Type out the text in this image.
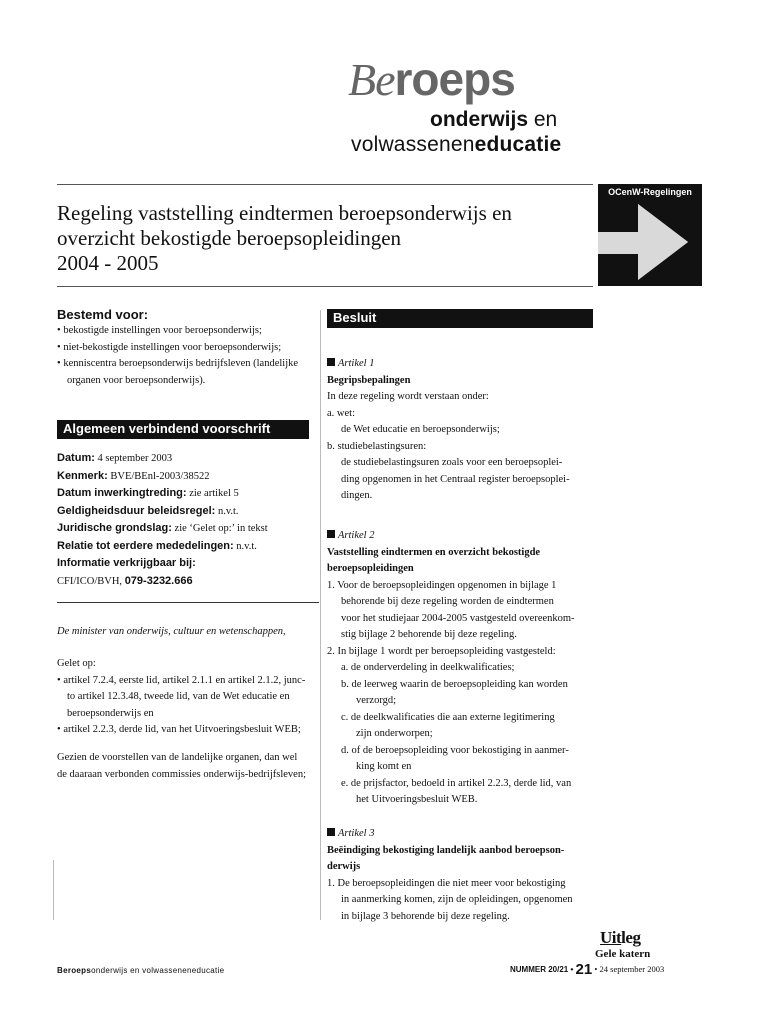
Beroeps
onderwijs en
volwasseneneducatie
OCenW-Regelingen
Regeling vaststelling eindtermen beroepsonderwijs en
overzicht bekostigde beroepsopleidingen
2004 - 2005
Bestemd voor:
• bekostigde instellingen voor beroepsonderwijs;
• niet-bekostigde instellingen voor beroepsonderwijs;
• kenniscentra beroepsonderwijs bedrijfsleven (landelijke
organen voor beroepsonderwijs).
Algemeen verbindend voorschrift
Datum: 4 september 2003
Kenmerk: BVE/BEnl-2003/38522
Datum inwerkingtreding: zie artikel 5
Geldigheidsduur beleidsregel: n.v.t.
Juridische grondslag: zie ‘Gelet op:’ in tekst
Relatie tot eerdere mededelingen: n.v.t.
Informatie verkrijgbaar bij:
CFI/ICO/BVH, 079-3232.666
De minister van onderwijs, cultuur en wetenschappen,
Gelet op:
• artikel 7.2.4, eerste lid, artikel 2.1.1 en artikel 2.1.2, junc-
to artikel 12.3.48, tweede lid, van de Wet educatie en
beroepsonderwijs en
• artikel 2.2.3, derde lid, van het Uitvoeringsbesluit WEB;
Gezien de voorstellen van de landelijke organen, dan wel
de daaraan verbonden commissies onderwijs-bedrijfsleven;
Besluit
Artikel 1
Begripsbepalingen
In deze regeling wordt verstaan onder:
a. wet:
de Wet educatie en beroepsonderwijs;
b. studiebelastingsuren:
de studiebelastingsuren zoals voor een beroepsoplei-
ding opgenomen in het Centraal register beroepsoplei-
dingen.
Artikel 2
Vaststelling eindtermen en overzicht bekostigde
beroepsopleidingen
1. Voor de beroepsopleidingen opgenomen in bijlage 1
behorende bij deze regeling worden de eindtermen
voor het studiejaar 2004-2005 vastgesteld overeenkom-
stig bijlage 2 behorende bij deze regeling.
2. In bijlage 1 wordt per beroepsopleiding vastgesteld:
a. de onderverdeling in deelkwalificaties;
b. de leerweg waarin de beroepsopleiding kan worden
verzorgd;
c. de deelkwalificaties die aan externe legitimering
zijn onderworpen;
d. of de beroepsopleiding voor bekostiging in aanmer-
king komt en
e. de prijsfactor, bedoeld in artikel 2.2.3, derde lid, van
het Uitvoeringsbesluit WEB.
Artikel 3
Beëindiging bekostiging landelijk aanbod beroepson-
derwijs
1. De beroepsopleidingen die niet meer voor bekostiging
in aanmerking komen, zijn de opleidingen, opgenomen
in bijlage 3 behorende bij deze regeling.
Uitleg
Gele katern
Beroepsonderwijs en volwasseneneducatie	NUMMER 20/21 • 21 • 24 september 2003
